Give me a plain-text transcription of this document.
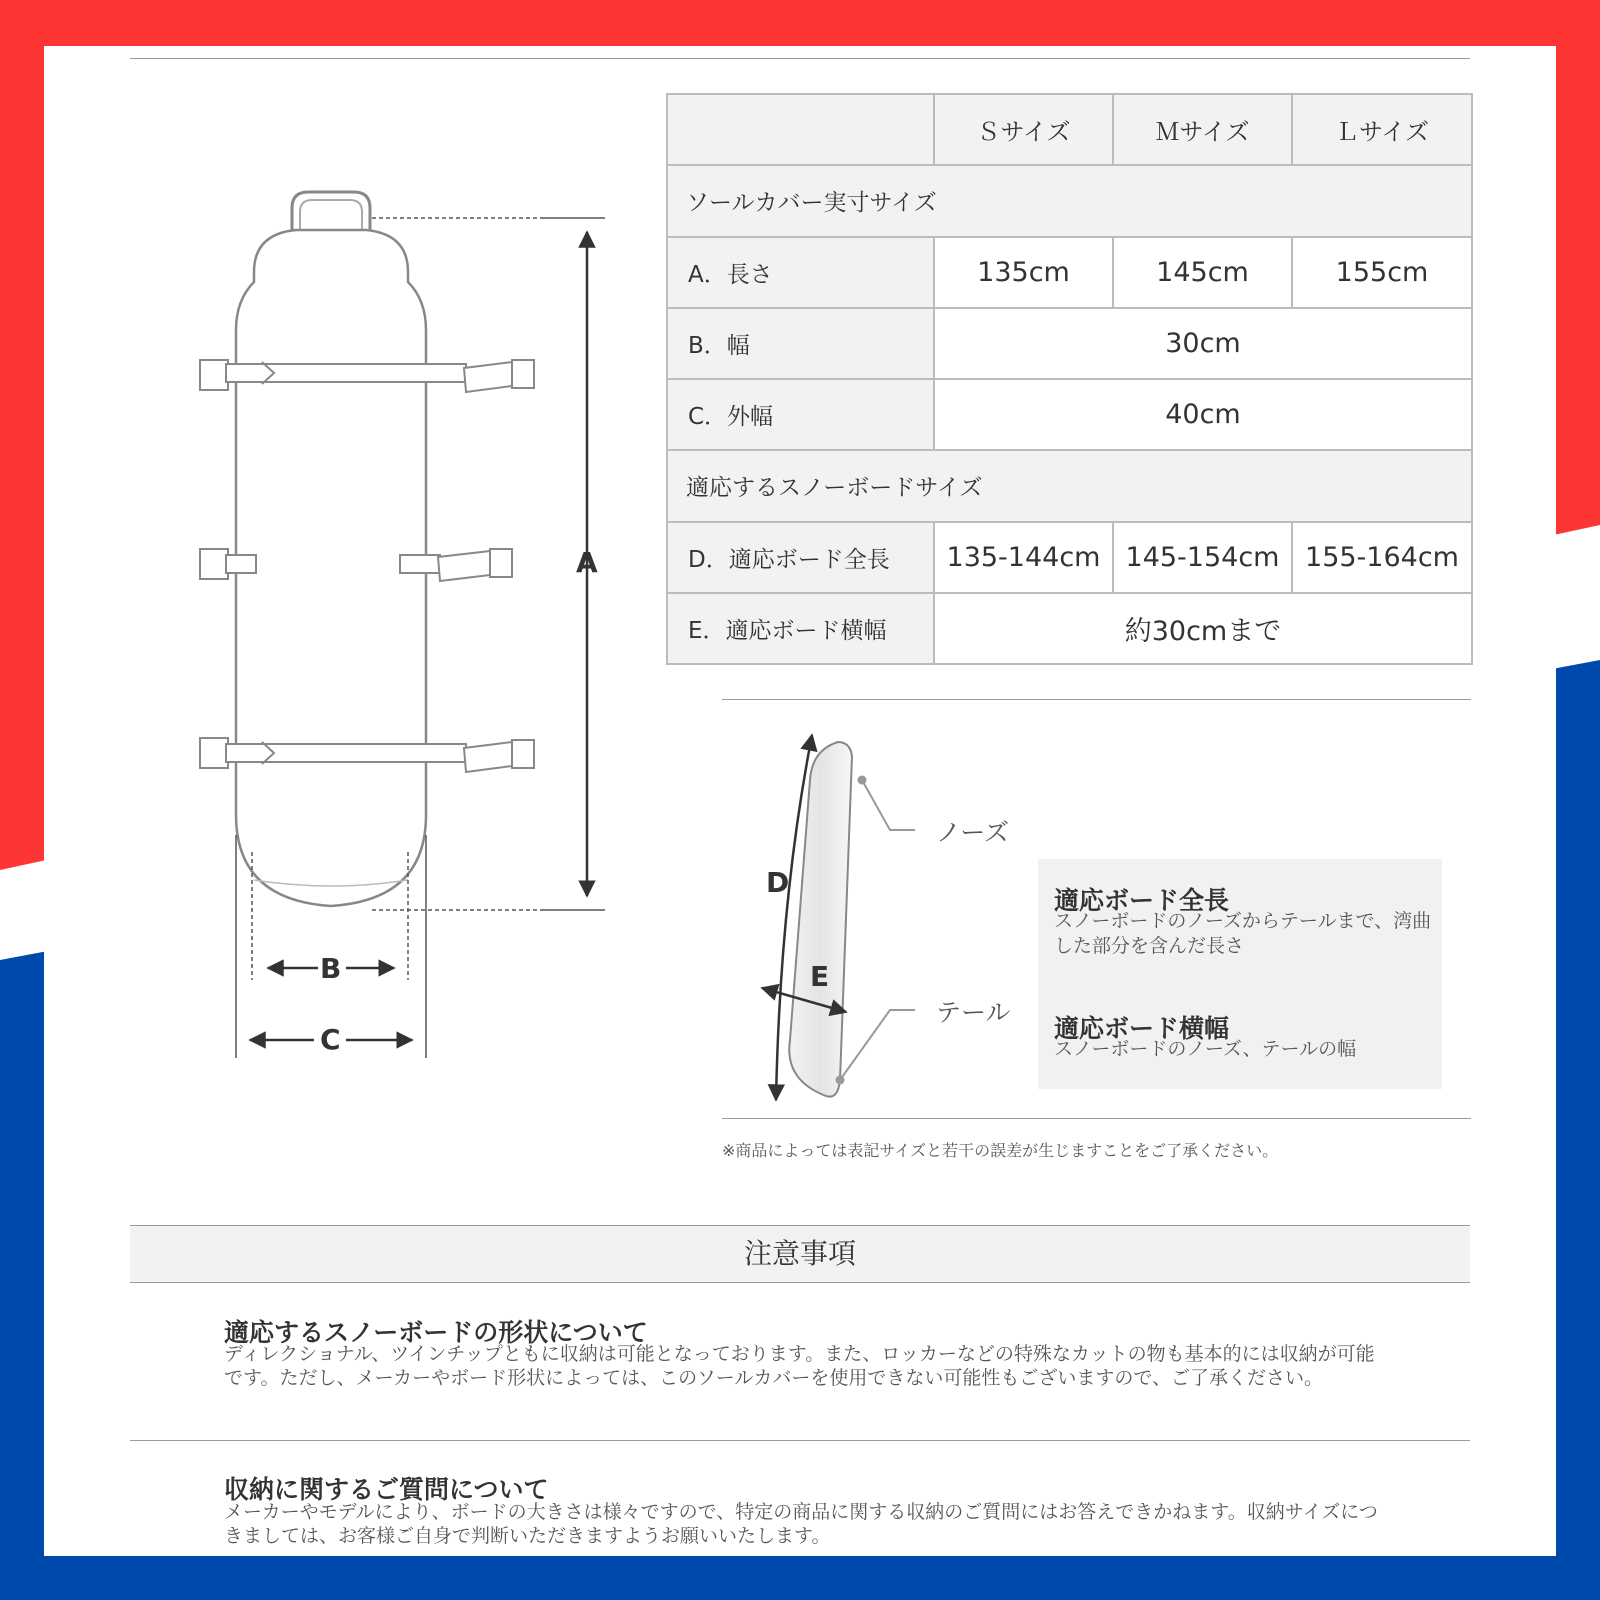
	Ｓサイズ	Ｍサイズ	Ｌサイズ
ソールカバー実寸サイズ			
A．長さ	135cm	145cm	155cm
B．幅	30cm		
C．外幅	40cm		
適応するスノーボードサイズ			
D．適応ボード全長	135-144cm	145-154cm	155-164cm
E．適応ボード横幅	約30cmまで		
A
B
C
D
E
ノーズ
テール
適応ボード全長
スノーボードのノーズからテールまで、湾曲した部分を含んだ長さ
適応ボード横幅
スノーボードのノーズ、テールの幅
※商品によっては表記サイズと若干の誤差が生じますことをご了承ください。
注意事項
適応するスノーボードの形状について
ディレクショナル、ツインチップともに収納は可能となっております。また、ロッカーなどの特殊なカットの物も基本的には収納が可能です。ただし、メーカーやボード形状によっては、このソールカバーを使用できない可能性もございますので、ご了承ください。
収納に関するご質問について
メーカーやモデルにより、ボードの大きさは様々ですので、特定の商品に関する収納のご質問にはお答えできかねます。収納サイズにつきましては、お客様ご自身で判断いただきますようお願いいたします。
